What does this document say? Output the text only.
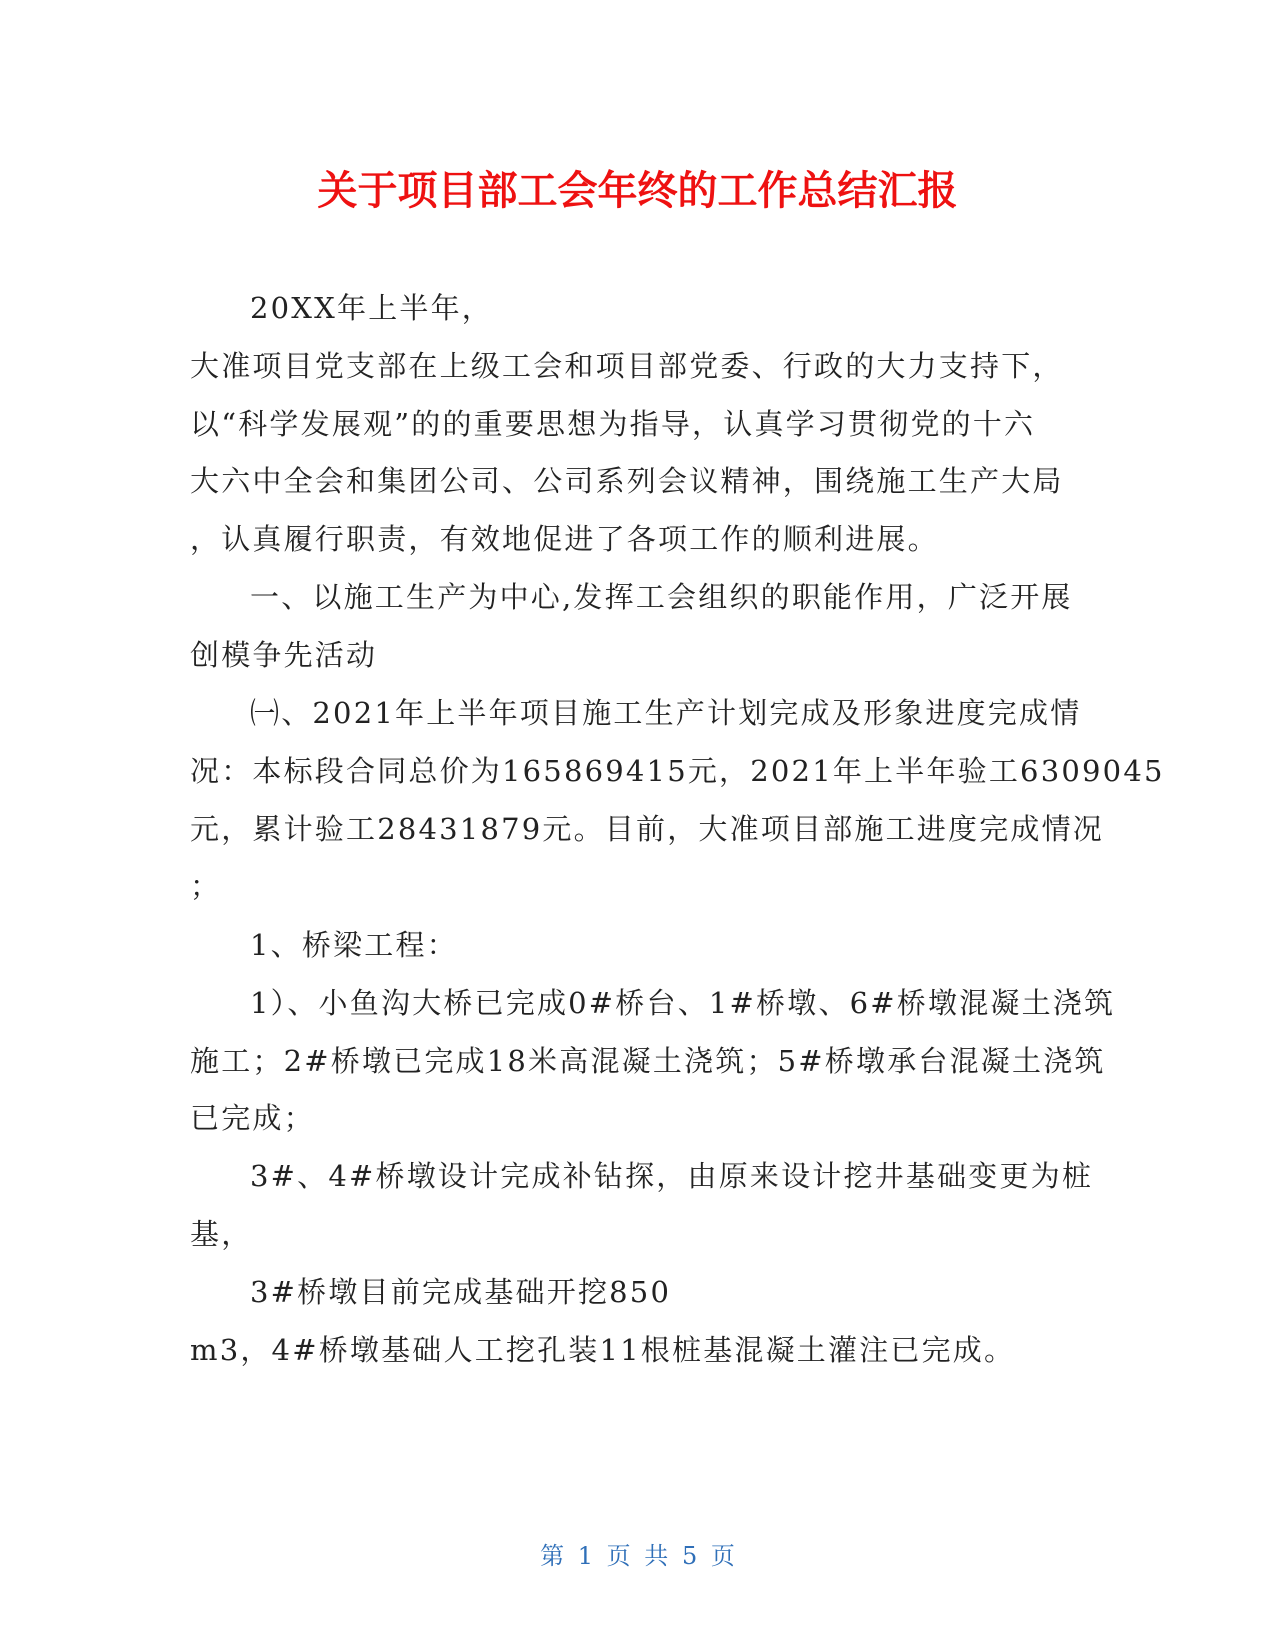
关于项目部工会年终的工作总结汇报
20XX年上半年，
大准项目党支部在上级工会和项目部党委、行政的大力支持下，
以“科学发展观”的的重要思想为指导，认真学习贯彻党的十六
大六中全会和集团公司、公司系列会议精神，围绕施工生产大局
，认真履行职责，有效地促进了各项工作的顺利进展。
一、以施工生产为中心,发挥工会组织的职能作用，广泛开展
创模争先活动
㈠、2021年上半年项目施工生产计划完成及形象进度完成情
况：本标段合同总价为165869415元，2021年上半年验工6309045
元，累计验工28431879元。目前，大准项目部施工进度完成情况
；
1、桥梁工程：
1）、小鱼沟大桥已完成0#桥台、1#桥墩、6#桥墩混凝土浇筑
施工；2#桥墩已完成18米高混凝土浇筑；5#桥墩承台混凝土浇筑
已完成；
3#、4#桥墩设计完成补钻探，由原来设计挖井基础变更为桩
基，
3#桥墩目前完成基础开挖850
m3，4#桥墩基础人工挖孔装11根桩基混凝土灌注已完成。
第 1 页 共 5 页
